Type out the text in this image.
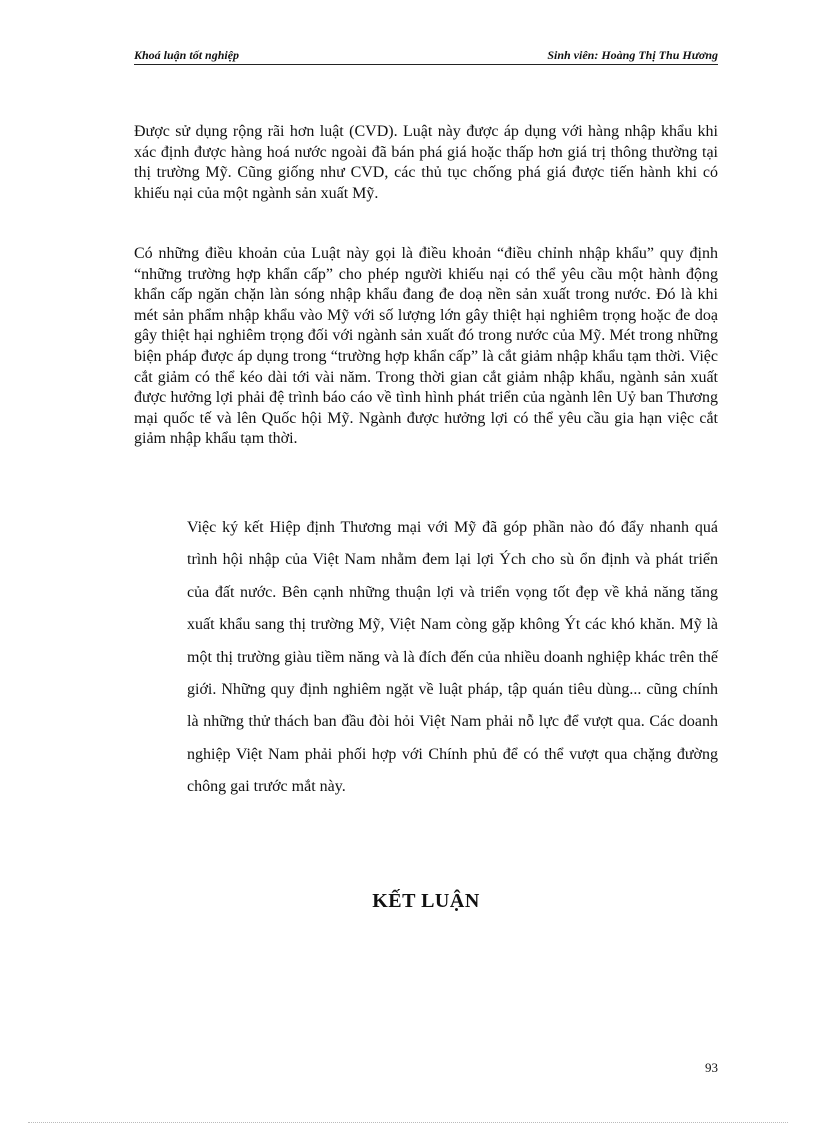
Khoá luận tốt nghiệp	Sinh viên: Hoàng Thị Thu Hương

Được sử dụng rộng rãi hơn luật (CVD). Luật này được áp dụng với hàng nhập khẩu khi xác định được hàng hoá nước ngoài đã bán phá giá hoặc thấp hơn giá trị thông thường tại thị trường Mỹ. Cũng giống như CVD, các thủ tục chống phá giá được tiến hành khi có khiếu nại của một ngành sản xuất Mỹ.

Có những điều khoản của Luật này gọi là điều khoản “điều chỉnh nhập khẩu” quy định “những trường hợp khẩn cấp” cho phép người khiếu nại có thể yêu cầu một hành động khẩn cấp ngăn chặn làn sóng nhập khẩu đang đe doạ nền sản xuất trong nước. Đó là khi mét sản phẩm nhập khẩu vào Mỹ với số lượng lớn gây thiệt hại nghiêm trọng hoặc đe doạ gây thiệt hại nghiêm trọng đối với ngành sản xuất đó trong nước của Mỹ. Mét trong những biện pháp được áp dụng trong “trường hợp khẩn cấp” là cắt giảm nhập khẩu tạm thời. Việc cắt giảm có thể kéo dài tới vài năm. Trong thời gian cắt giảm nhập khẩu, ngành sản xuất được hưởng lợi phải đệ trình báo cáo về tình hình phát triển của ngành lên Uỷ ban Thương mại quốc tế và lên Quốc hội Mỹ. Ngành được hưởng lợi có thể yêu cầu gia hạn việc cắt giảm nhập khẩu tạm thời.

Việc ký kết Hiệp định Thương mại với Mỹ đã góp phần nào đó đẩy nhanh quá trình hội nhập của Việt Nam nhằm đem lại lợi Ých cho sù ổn định và phát triển của đất nước. Bên cạnh những thuận lợi và triển vọng tốt đẹp về khả năng tăng xuất khẩu sang thị trường Mỹ, Việt Nam còng gặp không Ýt các khó khăn. Mỹ là một thị trường giàu tiềm năng và là đích đến của nhiều doanh nghiệp khác trên thế giới. Những quy định nghiêm ngặt về luật pháp, tập quán tiêu dùng... cũng chính là những thử thách ban đầu đòi hỏi Việt Nam phải nỗ lực để vượt qua. Các doanh nghiệp Việt Nam phải phối hợp với Chính phủ để có thể vượt qua chặng đường chông gai trước mắt này.

KẾT LUẬN
93
